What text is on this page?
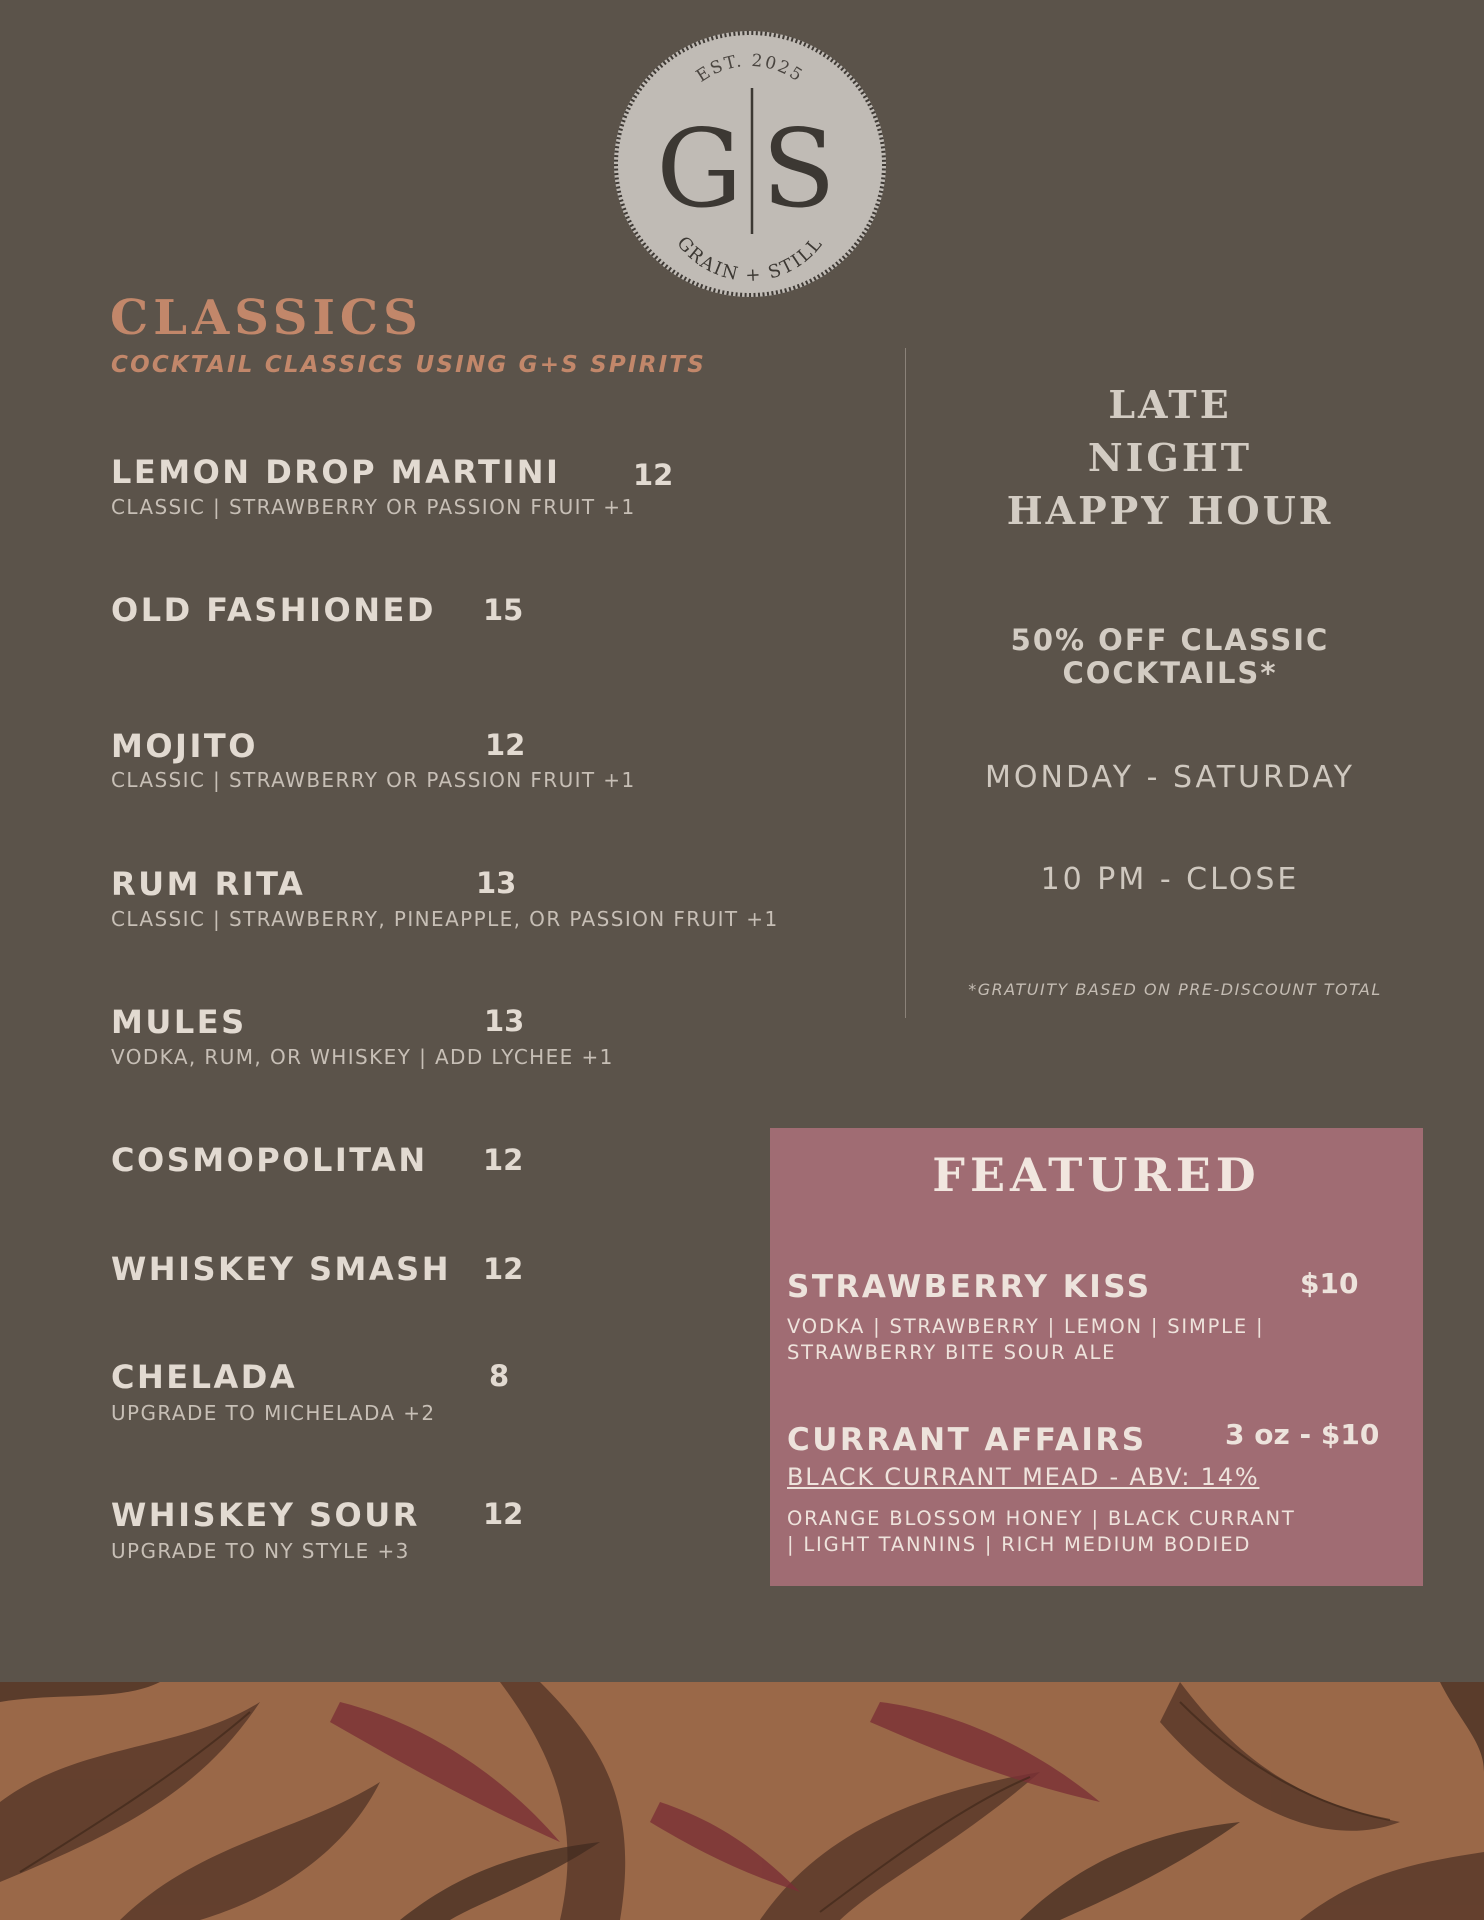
EST. 2025
G S
GRAIN + STILL
CLASSICS
COCKTAIL CLASSICS USING G+S SPIRITS
LEMON DROP MARTINI	12
CLASSIC | STRAWBERRY OR PASSION FRUIT +1
OLD FASHIONED 15
MOJITO	12
CLASSIC | STRAWBERRY OR PASSION FRUIT +1
RUM RITA	13
CLASSIC | STRAWBERRY, PINEAPPLE, OR PASSION FRUIT +1
MULES	13
VODKA, RUM, OR WHISKEY | ADD LYCHEE +1
COSMOPOLITAN 12
WHISKEY SMASH 12
CHELADA	8
UPGRADE TO MICHELADA +2
WHISKEY SOUR 12
UPGRADE TO NY STYLE +3
LATE
NIGHT
HAPPY HOUR
50% OFF CLASSIC
COCKTAILS*
MONDAY - SATURDAY
10 PM - CLOSE
*GRATUITY BASED ON PRE-DISCOUNT TOTAL
FEATURED
STRAWBERRY KISS	$10
VODKA | STRAWBERRY | LEMON | SIMPLE |
STRAWBERRY BITE SOUR ALE
CURRANT AFFAIRS	3 oz - $10
BLACK CURRANT MEAD - ABV: 14%
ORANGE BLOSSOM HONEY | BLACK CURRANT
| LIGHT TANNINS | RICH MEDIUM BODIED
